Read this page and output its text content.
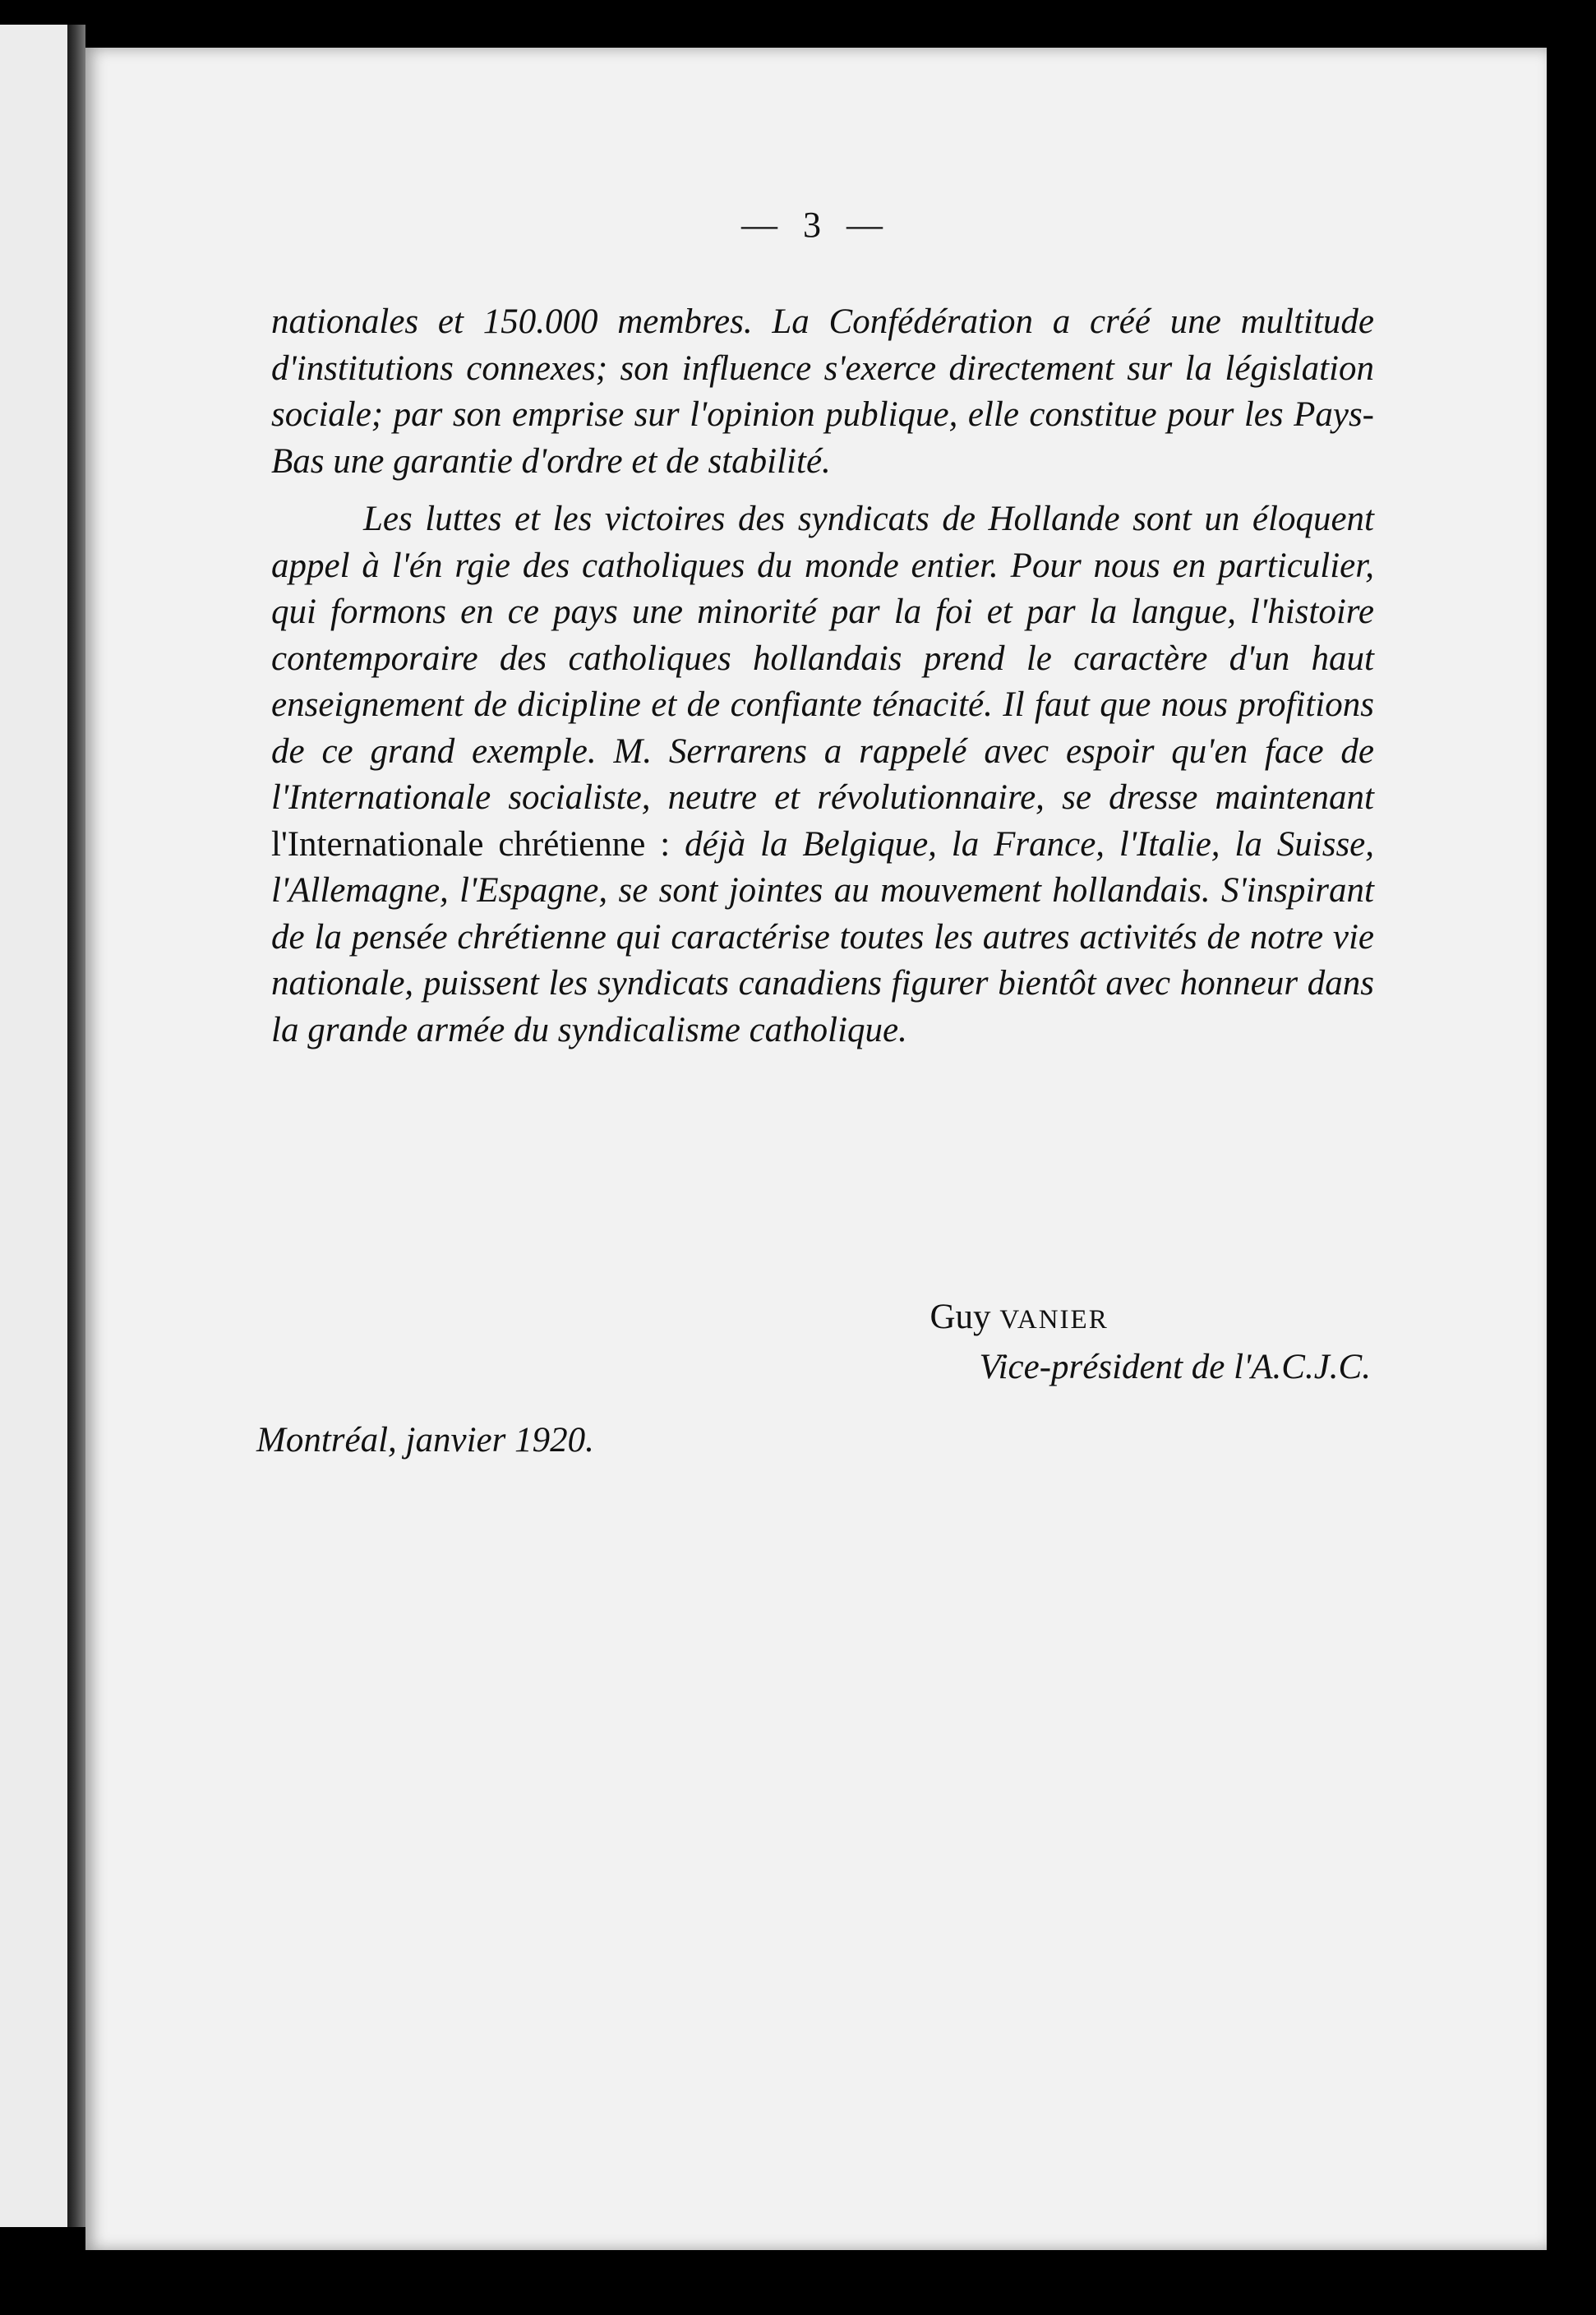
— 3 —

nationales et 150.000 membres. La Confédération a créé une multitude d'institutions connexes; son influence s'exerce directement sur la législation sociale; par son emprise sur l'opinion publique, elle constitue pour les Pays-Bas une garantie d'ordre et de stabilité.

Les luttes et les victoires des syndicats de Hollande sont un éloquent appel à l'én rgie des catholiques du monde entier. Pour nous en particulier, qui formons en ce pays une minorité par la foi et par la langue, l'histoire contemporaire des catholiques hollandais prend le caractère d'un haut enseignement de dicipline et de confiante ténacité. Il faut que nous profitions de ce grand exemple. M. Serrarens a rappelé avec espoir qu'en face de l'Internationale socialiste, neutre et révolutionnaire, se dresse maintenant l'Internationale chrétienne : déjà la Belgique, la France, l'Italie, la Suisse, l'Allemagne, l'Espagne, se sont jointes au mouvement hollandais. S'inspirant de la pensée chrétienne qui caractérise toutes les autres activités de notre vie nationale, puissent les syndicats canadiens figurer bientôt avec honneur dans la grande armée du syndicalisme catholique.

Guy VANIER
Vice-président de l'A.C.J.C.
Montréal, janvier 1920.
